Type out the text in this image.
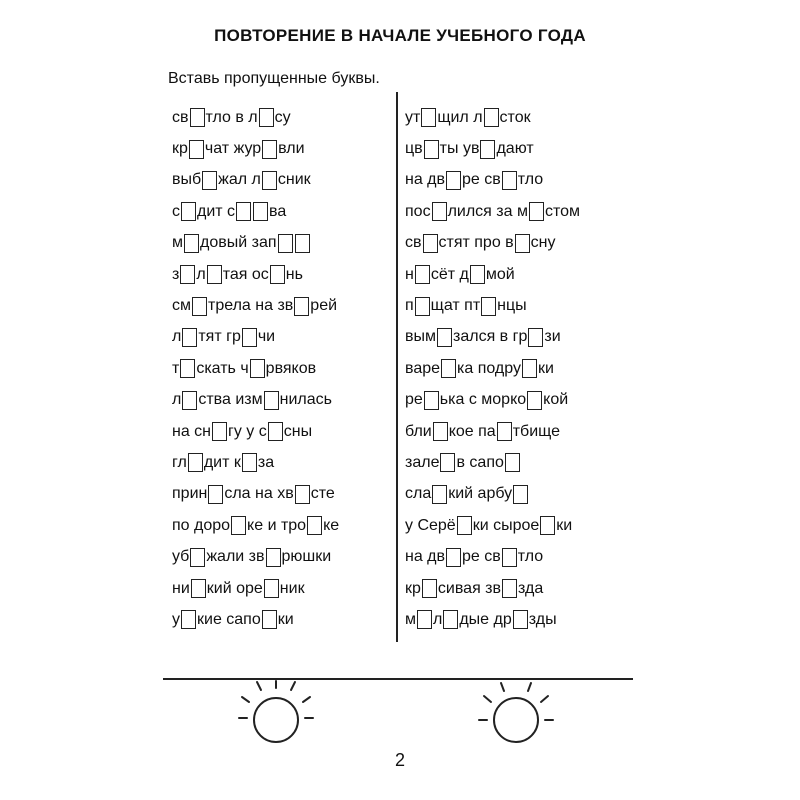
ПОВТОРЕНИЕ В НАЧАЛЕ УЧЕБНОГО ГОДА
Вставь пропущенные буквы.
св тло в л су
кр чат жур вли
выб жал л сник
с дит с ва
м довый зап
з л тая ос нь
см трела на зв рей
л тят гр чи
т скать ч рвяков
л ства изм нилась
на сн гу у с сны
гл дит к за
прин сла на хв сте
по доро ке и тро ке
уб жали зв рюшки
ни кий оре ник
у кие сапо ки
ут щил л сток
цв ты ув дают
на дв ре св тло
пос лился за м стом
св стят про в сну
н сёт д мой
п щат пт нцы
вым зался в гр зи
варе ка подру ки
ре ька с морко кой
бли кое па тбище
зале в сапо
сла кий арбу
у Серё ки сыроe ки
на дв ре св тло
кр сивая зв зда
м л дые др зды
2
